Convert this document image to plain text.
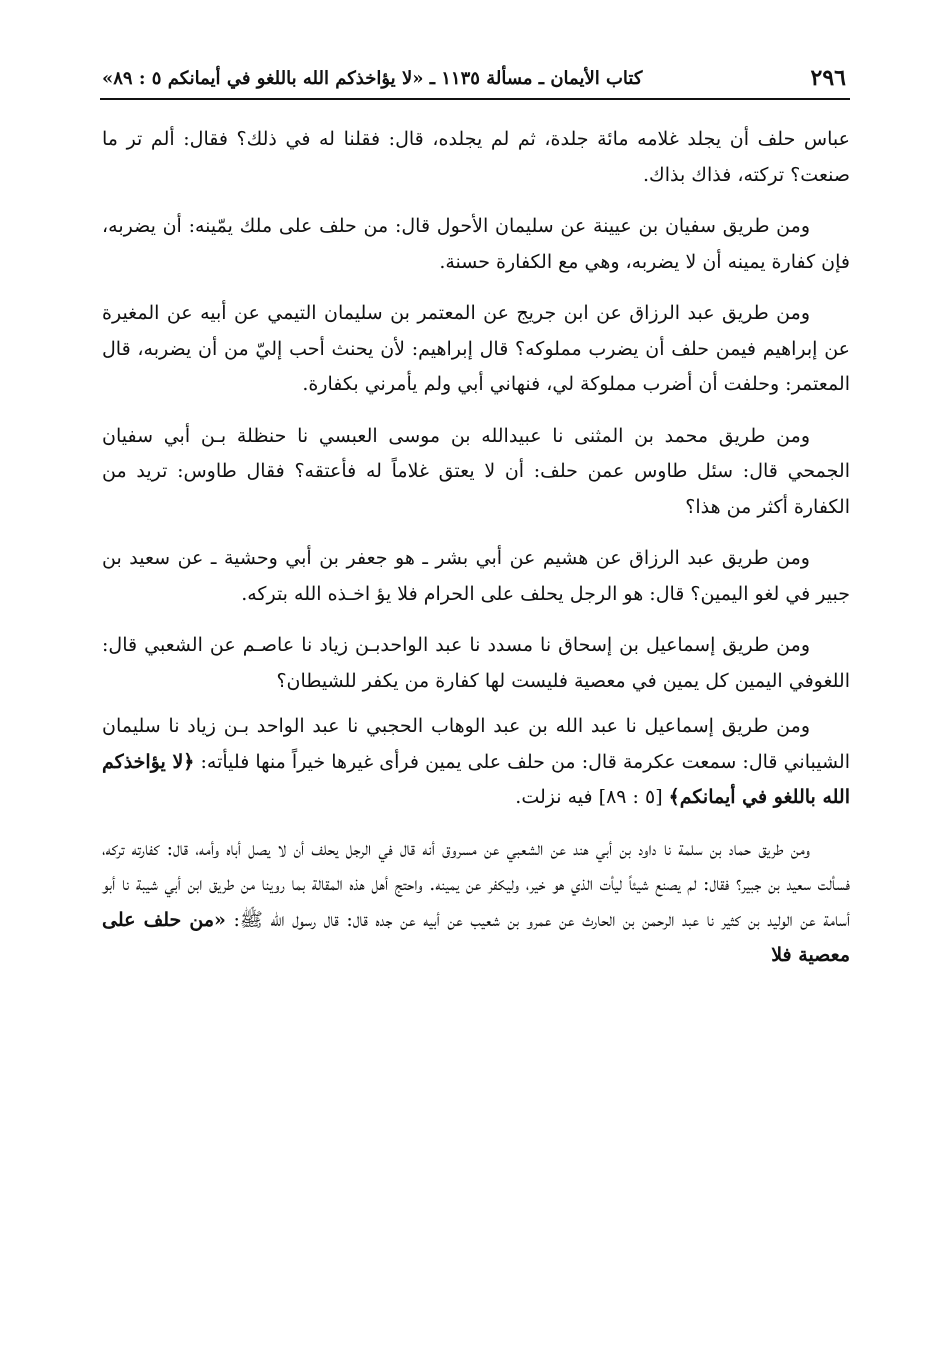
٢٩٦
كتاب الأيمان ـ مسألة ١١٣٥ ـ «لا يؤاخذكم الله باللغو في أيمانكم ٥ : ٨٩»

عباس حلف أن يجلد غلامه مائة جلدة، ثم لم يجلده، قال: فقلنا له في ذلك؟ فقال: ألم تر ما صنعت؟ تركته، فذاك بذاك.

ومن طريق سفيان بن عيينة عن سليمان الأحول قال: من حلف على ملك يمّينه: أن يضربه، فإن كفارة يمينه أن لا يضربه، وهي مع الكفارة حسنة.

ومن طريق عبد الرزاق عن ابن جريج عن المعتمر بن سليمان التيمي عن أبيه عن المغيرة عن إبراهيم فيمن حلف أن يضرب مملوكه؟ قال إبراهيم: لأن يحنث أحب إليّ من أن يضربه، قال المعتمر: وحلفت أن أضرب مملوكة لي، فنهاني أبي ولم يأمرني بكفارة.

ومن طريق محمد بن المثنى نا عبيدالله بن موسى العبسي نا حنظلة بـن أبي سفيان الجمحي قال: سئل طاوس عمن حلف: أن لا يعتق غلاماً له فأعتقه؟ فقال طاوس: تريد من الكفارة أكثر من هذا؟

ومن طريق عبد الرزاق عن هشيم عن أبي بشر ـ هو جعفر بن أبي وحشية ـ عن سعيد بن جبير في لغو اليمين؟ قال: هو الرجل يحلف على الحرام فلا يؤ اخـذه الله بتركه.

ومن طريق إسماعيل بن إسحاق نا مسدد نا عبد الواحدبـن زياد نا عاصـم عن الشعبي قال: اللغوفي اليمين كل يمين في معصية فليست لها كفارة من يكفر للشيطان؟

ومن طريق إسماعيل نا عبد الله بن عبد الوهاب الحجبي نا عبد الواحد بـن زياد نا سليمان الشيباني قال: سمعت عكرمة قال: من حلف على يمين فرأى غيرها خيراً منها فليأته: ﴿لا يؤاخذكم الله باللغو في أيمانكم﴾ [٥ : ٨٩] فيه نزلت.

ومن طريق حماد بن سلمة نا داود بن أبي هند عن الشعبي عن مسروق أنه قال في الرجل يحلف أن لا يصل أباه وأمه، قال: كفارته تركه، فسألت سعيد بن جبير؟ فقال: لم يصنع شيئاً ليأت الذي هو خير، وليكفر عن يمينه. واحتج أهل هذه المقالة بما روينا من طريق ابن أبي شيبة نا أبو أسامة عن الوليد بن كثير نا عبد الرحمن بن الحارث عن عمرو بن شعيب عن أبيه عن جده قال: قال رسول الله ﷺ: «من حلف على معصية فلا
